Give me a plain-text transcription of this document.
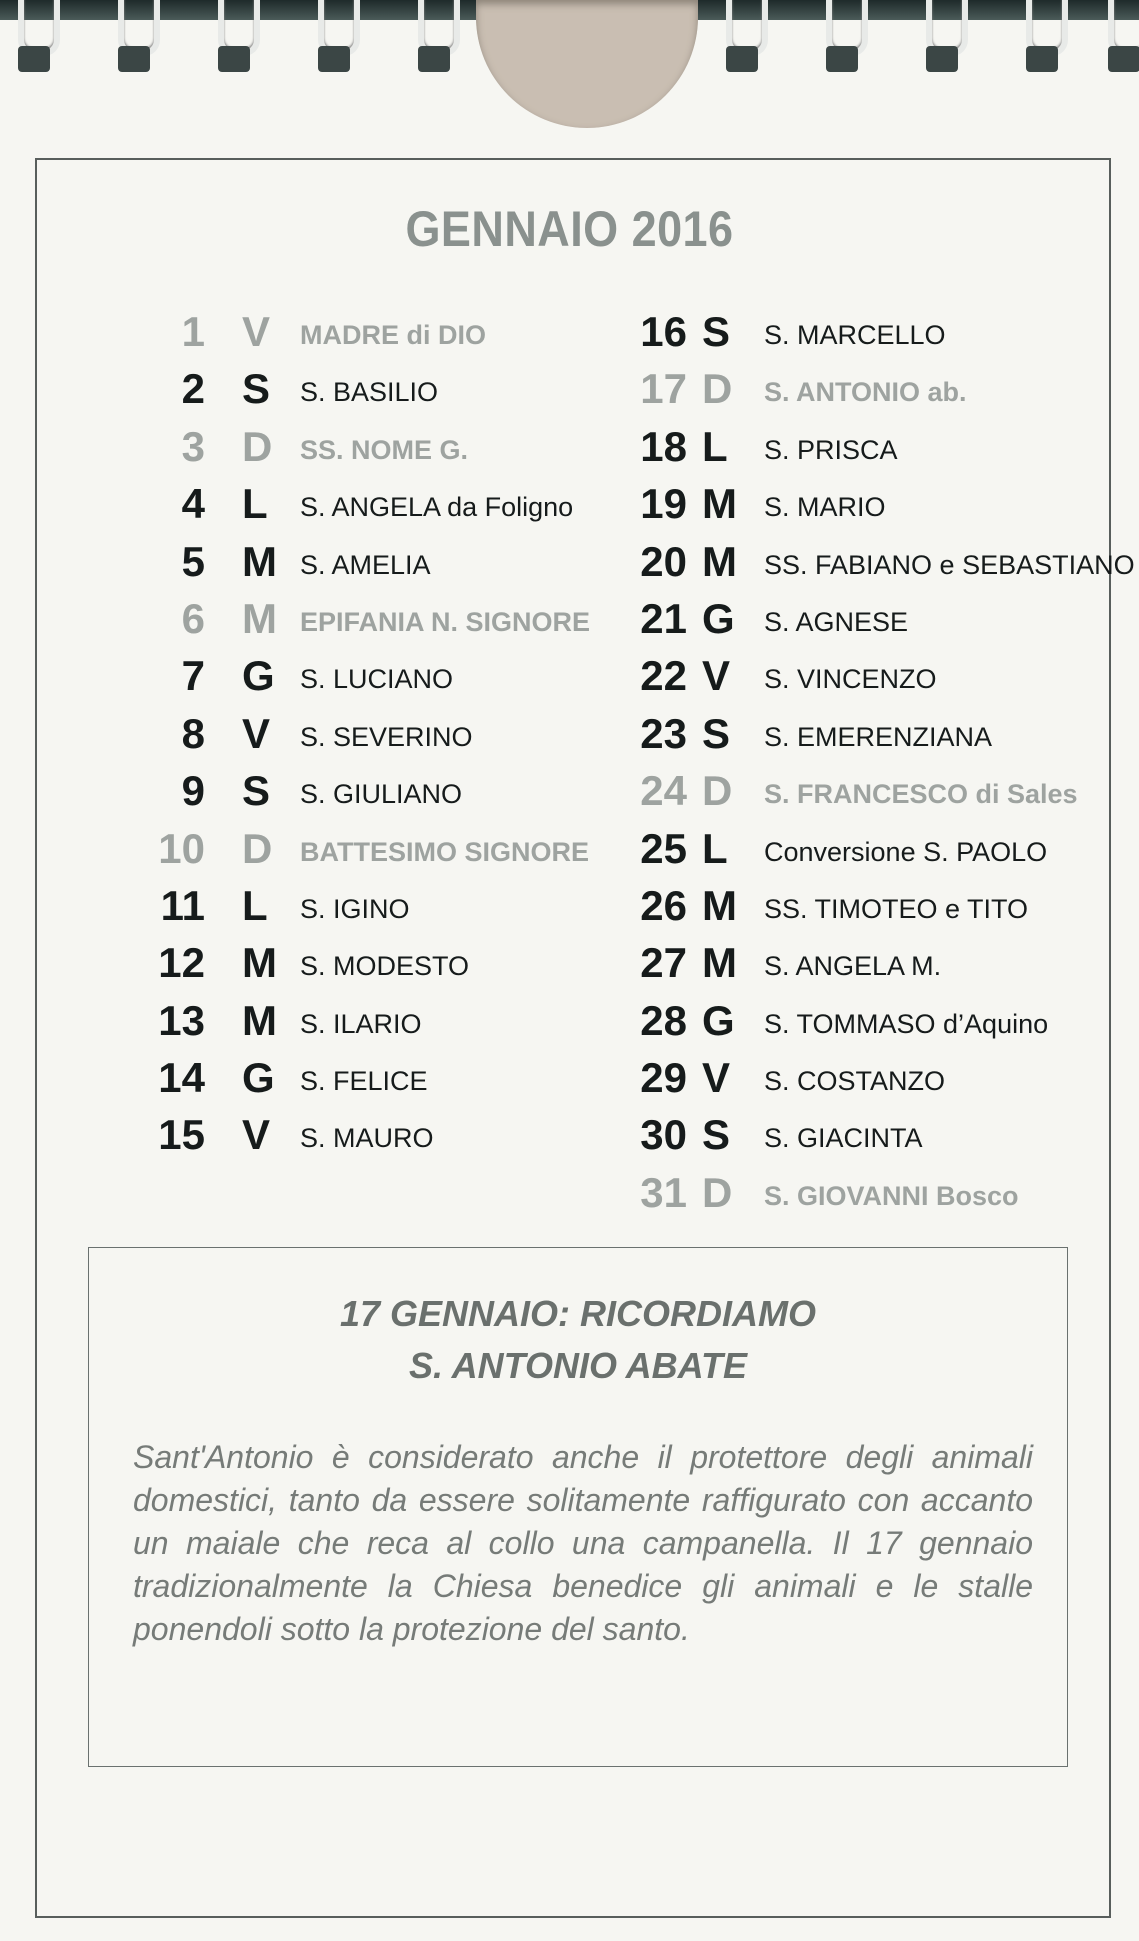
GENNAIO 2016
1 V MADRE di DIO
2 S S. BASILIO
3 D SS. NOME G.
4 L S. ANGELA da Foligno
5 M S. AMELIA
6 M EPIFANIA N. SIGNORE
7 G S. LUCIANO
8 V S. SEVERINO
9 S S. GIULIANO
10 D BATTESIMO SIGNORE
11 L S. IGINO
12 M S. MODESTO
13 M S. ILARIO
14 G S. FELICE
15 V S. MAURO
16 S S. MARCELLO
17 D S. ANTONIO ab.
18 L S. PRISCA
19 M S. MARIO
20 M SS. FABIANO e SEBASTIANO
21 G S. AGNESE
22 V S. VINCENZO
23 S S. EMERENZIANA
24 D S. FRANCESCO di Sales
25 L Conversione S. PAOLO
26 M SS. TIMOTEO e TITO
27 M S. ANGELA M.
28 G S. TOMMASO d’Aquino
29 V S. COSTANZO
30 S S. GIACINTA
31 D S. GIOVANNI Bosco
17 GENNAIO: RICORDIAMO
S. ANTONIO ABATE
Sant'Antonio è considerato anche il protettore degli animali domestici, tanto da essere solitamente raffigurato con accanto un maiale che reca al collo una campanella. Il 17 gennaio tradizionalmente la Chiesa benedice gli animali e le stalle ponendoli sotto la protezione del santo.
